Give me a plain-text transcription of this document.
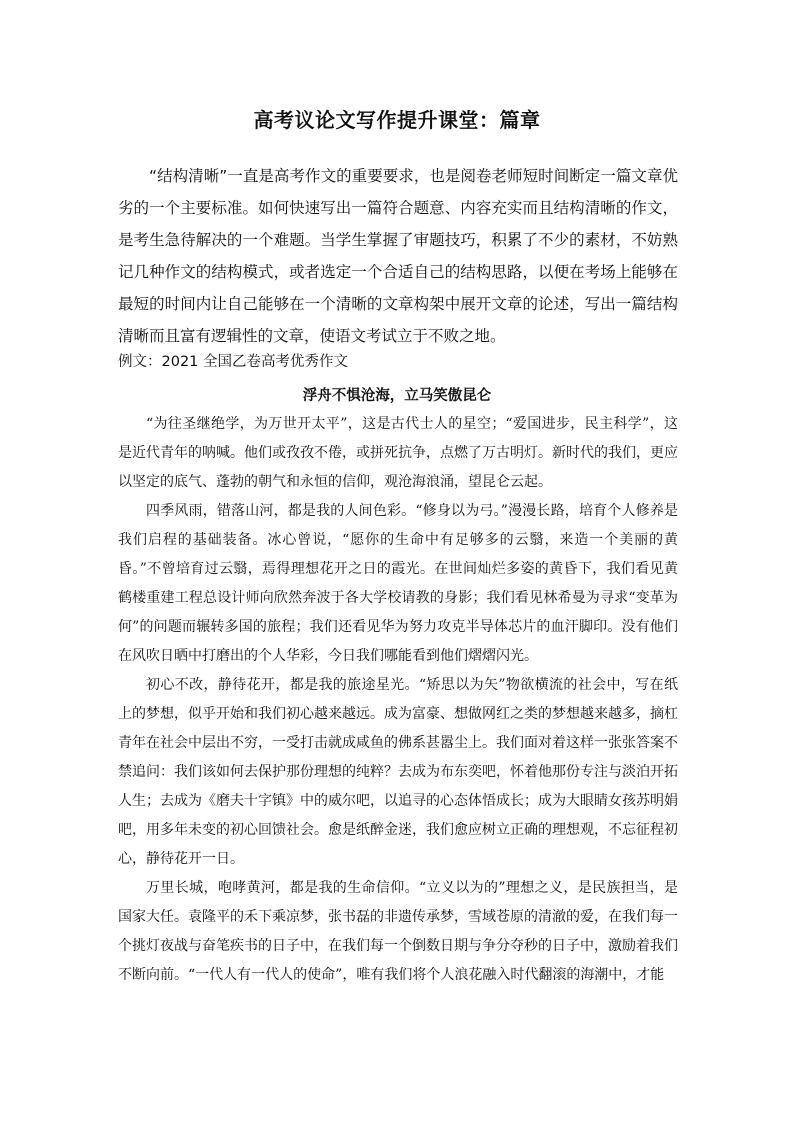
高考议论文写作提升课堂：篇章

“结构清晰”一直是高考作文的重要要求，也是阅卷老师短时间断定一篇文章优劣的一个主要标准。如何快速写出一篇符合题意、内容充实而且结构清晰的作文，是考生急待解决的一个难题。当学生掌握了审题技巧，积累了不少的素材，不妨熟记几种作文的结构模式，或者选定一个合适自己的结构思路，以便在考场上能够在最短的时间内让自己能够在一个清晰的文章构架中展开文章的论述，写出一篇结构清晰而且富有逻辑性的文章，使语文考试立于不败之地。

例文：2021 全国乙卷高考优秀作文
浮舟不惧沧海，立马笑傲昆仑

“为往圣继绝学，为万世开太平”，这是古代士人的星空；“爱国进步，民主科学”，这是近代青年的呐喊。他们或孜孜不倦，或拼死抗争，点燃了万古明灯。新时代的我们，更应以坚定的底气、蓬勃的朝气和永恒的信仰，观沧海浪涌，望昆仑云起。

四季风雨，错落山河，都是我的人间色彩。“修身以为弓。”漫漫长路，培育个人修养是我们启程的基础装备。冰心曾说，“愿你的生命中有足够多的云翳，来造一个美丽的黄昏。”不曾培育过云翳，焉得理想花开之日的霞光。在世间灿烂多姿的黄昏下，我们看见黄鹤楼重建工程总设计师向欣然奔波于各大学校请教的身影；我们看见林希曼为寻求“变革为何”的问题而辗转多国的旅程；我们还看见华为努力攻克半导体芯片的血汗脚印。没有他们在风吹日晒中打磨出的个人华彩，今日我们哪能看到他们熠熠闪光。

初心不改，静待花开，都是我的旅途星光。“矫思以为矢”物欲横流的社会中，写在纸上的梦想，似乎开始和我们初心越来越远。成为富豪、想做网红之类的梦想越来越多，摘杠青年在社会中层出不穷，一受打击就成咸鱼的佛系甚嚣尘上。我们面对着这样一张张答案不禁追问：我们该如何去保护那份理想的纯粹？去成为布东奕吧，怀着他那份专注与淡泊开拓人生；去成为《磨夫十字镇》中的威尔吧，以追寻的心态体悟成长；成为大眼睛女孩苏明娟吧，用多年未变的初心回馈社会。愈是纸醉金迷，我们愈应树立正确的理想观，不忘征程初心，静待花开一日。

万里长城，咆哮黄河，都是我的生命信仰。“立义以为的”理想之义，是民族担当，是国家大任。袁隆平的禾下乘凉梦，张书磊的非遗传承梦，雪域苍原的清澈的爱，在我们每一个挑灯夜战与奋笔疾书的日子中，在我们每一个倒数日期与争分夺秒的日子中，激励着我们不断向前。“一代人有一代人的使命”，唯有我们将个人浪花融入时代翻滚的海潮中，才能
